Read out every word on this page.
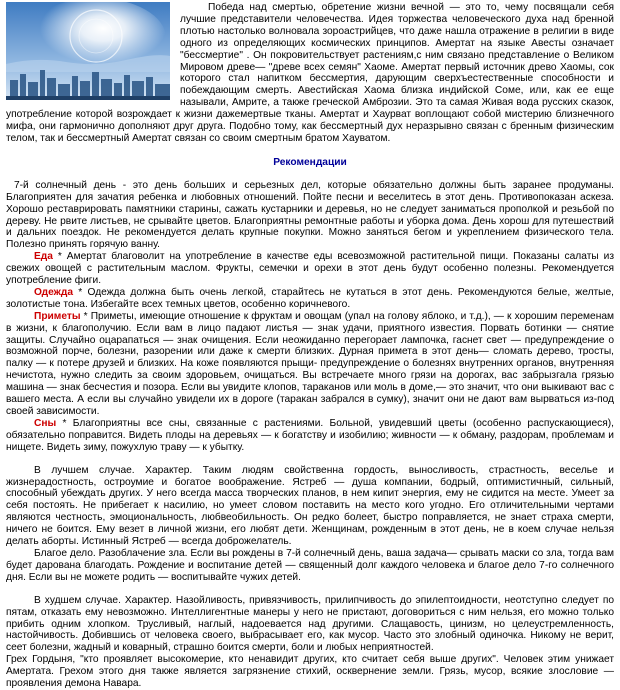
Победа над смертью, обретение жизни вечной — это то, чему посвящали себя лучшие представители человечества. Идея торжества человеческого духа над бренной плотью настолько волновала зороастрийцев, что даже нашла отражение в религии в виде одного из определяющих космических принципов. Амертат на языке Авесты означает "бессмертие" . Он покровительствует растениям,с ним связано представление о Великом Мировом древе— "древе всех семян" Хаоме. Амертат первый источник древо Хаомы, сок которого стал напитком бессмертия, дарующим сверхъестественные способности и побеждающим смерть. Авестийская Хаома близка индийской Соме, или, как ее еще называли, Амрите, а также греческой Амброзии. Это та самая Живая вода русских сказок, употребление которой возрождает к жизни дажемертвые тканы. Амертат и Хаурват воплощают собой мистерию близнечного мифа, они гармонично дополняют друг друга. Подобно тому, как бессмертный дух неразрывно связан с бренным физическим телом, так и бессмертный Амертат связан со своим смертным братом Хауватом.

Рекомендации

7-й солнечный день - это день больших и серьезных дел, которые обязательно должны быть заранее продуманы. Благоприятен для зачатия ребенка и любовных отношений. Пойте песни и веселитесь в этот день. Противопоказан аскеза. Хорошо реставрировать памятники старины, сажать кустарники и деревья, но не следует заниматься прополкой и резьбой по дереву. Не рвите листьев, не срывайте цветов. Благоприятны ремонтные работы и уборка дома. День хорош для путешествий и дальних поездок. Не рекомендуется делать крупные покупки. Можно заняться бегом и укреплением физического тела. Полезно принять горячую ванну.

Еда * Амертат благоволит на употребление в качестве еды всевозможной растительной пищи. Показаны салаты из свежих овощей с растительным маслом. Фрукты, семечки и орехи в этот день будут особенно полезны. Рекомендуется употребление фиги.

Одежда * Одежда должна быть очень легкой, старайтесь не кутаться в этот день. Рекомендуются белые, желтые, золотистые тона. Избегайте всех темных цветов, особенно коричневого.

Приметы * Приметы, имеющие отношение к фруктам и овощам (упал на голову яблоко, и т.д.), — к хорошим переменам в жизни, к благополучию. Если вам в лицо падают листья — знак удачи, приятного известия. Порвать ботинки — снятие защиты. Случайно оцарапаться — знак очищения. Если неожиданно перегорает лампочка, гаснет свет — предупреждение о возможной порче, болезни, разорении или даже к смерти близких. Дурная примета в этот день— сломать дерево, тросты, палку — к потере друзей и близких. На коже появляются прыщи- предупреждение о болезнях внутренних органов, внутренняя нечистота, нужно следить за своим здоровьем, очищаться. Вы встречаете много грязи на дорогах, вас забрызгала грязью машина — знак бесчестия и позора. Если вы увидите клопов, тараканов или моль в доме,— это значит, что они выкивают вас с вашего места. А если вы случайно увидели их в дороге (таракан забрался в сумку), значит они не дают вам вырваться из-под своей зависимости.

Сны * Благоприятны все сны, связанные с растениями. Больной, увидевший цветы (особенно распускающиеся), обязательно поправится. Видеть плоды на деревьях — к богатству и изобилию; живности — к обману, раздорам, проблемам и нищете. Видеть зиму, пожухлую траву — к убытку.

В лучшем случае. Характер. Таким людям свойственна гордость, выносливость, страстность, веселье и жизнерадостность, остроумие и богатое воображение. Ястреб — душа компании, бодрый, оптимистичный, сильный, способный убеждать других. У него всегда масса творческих планов, в нем кипит энергия, ему не сидится на месте. Умеет за себя постоять. Не прибегает к насилию, но умеет словом поставить на место кого угодно. Его отличительными чертами являются честность, эмоциональность, любвеобильность. Он редко болеет, быстро поправляется, не знает страха смерти, ничего не боится. Ему везет в личной жизни, его любят дети. Женщинам, рожденным в этот день, не в коем случае нельзя делать аборты. Истинный Ястреб — всегда доброжелатель.

Благое дело. Разоблачение зла. Если вы рождены в 7-й солнечный день, ваша задача— срывать маски со зла, тогда вам будет дарована благодать. Рождение и воспитание детей — священный долг каждого человека и благое дело 7-го солнечного дня. Если вы не можете родить — воспитывайте чужих детей.

В худшем случае. Характер. Назойливость, привязчивость, прилипчивость до эпилептоидности, неотступно следует по пятам, отказать ему невозможно. Интеллигентные манеры у него не пристают, договориться с ним нельзя, его можно только прибить одним хлопком. Трусливый, наглый, надоевается над другими. Слащавость, цинизм, но целеустремленность, настойчивость. Добившись от человека своего, выбрасывает его, как мусор. Часто это злобный одиночка. Никому не верит, сеет болезни, жадный и коварный, страшно боится смерти, боли и любых неприятностей.

Грех Гордыня, "кто проявляет высокомерие, кто ненавидит других, кто считает себя выше других". Человек этим унижает Амертата. Грехом этого дня также является загрязнение стихий, осквернение земли. Грязь, мусор, всякие злословие — проявления демона Навара.
